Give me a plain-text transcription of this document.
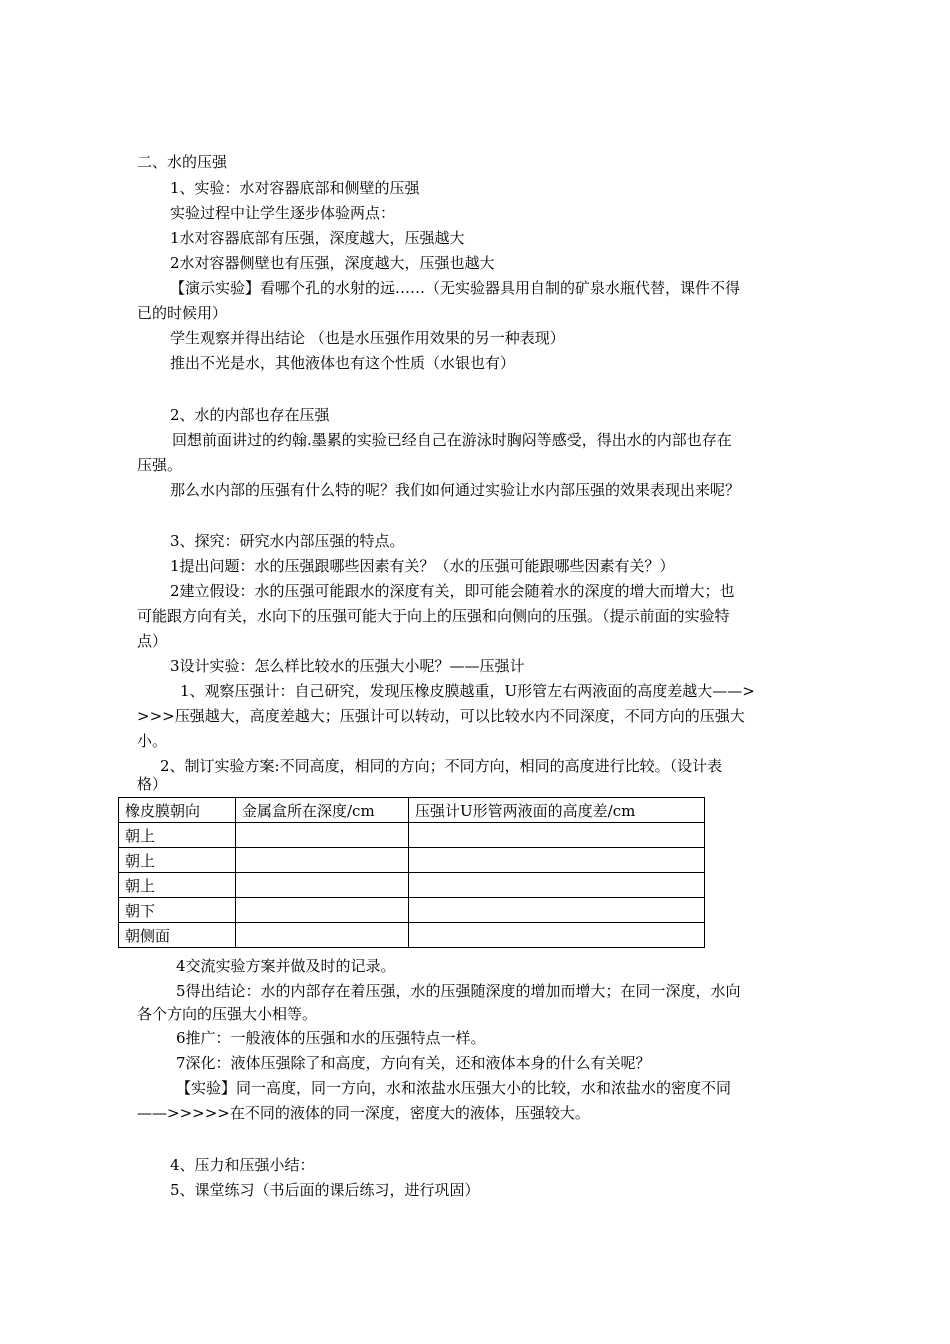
二、水的压强
1、实验：水对容器底部和侧壁的压强
实验过程中让学生逐步体验两点：
1水对容器底部有压强，深度越大，压强越大
2水对容器侧壁也有压强，深度越大，压强也越大
【演示实验】看哪个孔的水射的远……（无实验器具用自制的矿泉水瓶代替，课件不得
已的时候用）
学生观察并得出结论 （也是水压强作用效果的另一种表现）
推出不光是水，其他液体也有这个性质（水银也有）
2、水的内部也存在压强
回想前面讲过的约翰.墨累的实验已经自己在游泳时胸闷等感受，得出水的内部也存在
压强。
那么水内部的压强有什么特的呢？我们如何通过实验让水内部压强的效果表现出来呢？
3、探究：研究水内部压强的特点。
1提出问题：水的压强跟哪些因素有关？（水的压强可能跟哪些因素有关？）
2建立假设：水的压强可能跟水的深度有关，即可能会随着水的深度的增大而增大；也
可能跟方向有关，水向下的压强可能大于向上的压强和向侧向的压强。（提示前面的实验特
点）
3设计实验：怎么样比较水的压强大小呢？——压强计
1、观察压强计：自己研究，发现压橡皮膜越重，U形管左右两液面的高度差越大——>
>>>压强越大，高度差越大；压强计可以转动，可以比较水内不同深度，不同方向的压强大
小。
2、制订实验方案:不同高度，相同的方向；不同方向，相同的高度进行比较。（设计表
格）
橡皮膜朝向	金属盒所在深度/cm	压强计U形管两液面的高度差/cm
朝上		
朝上		
朝上		
朝下		
朝侧面		
4交流实验方案并做及时的记录。
5得出结论：水的内部存在着压强，水的压强随深度的增加而增大；在同一深度，水向
各个方向的压强大小相等。
6推广：一般液体的压强和水的压强特点一样。
7深化：液体压强除了和高度，方向有关，还和液体本身的什么有关呢？
【实验】同一高度，同一方向，水和浓盐水压强大小的比较，水和浓盐水的密度不同
——>>>>>在不同的液体的同一深度，密度大的液体，压强较大。
4、压力和压强小结：
5、课堂练习（书后面的课后练习，进行巩固）
